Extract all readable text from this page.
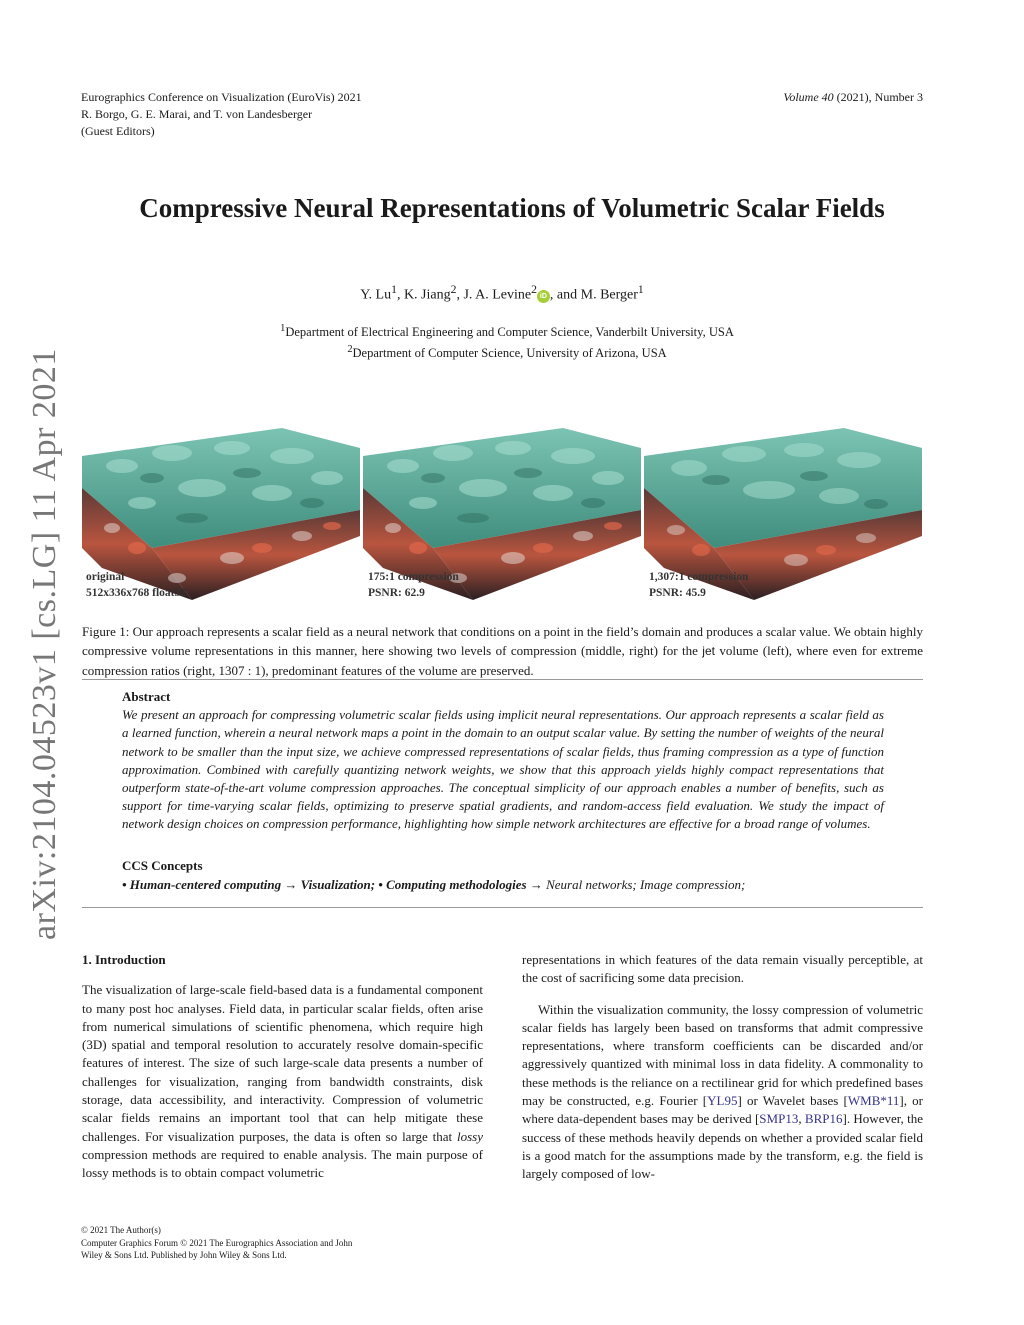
Eurographics Conference on Visualization (EuroVis) 2021
R. Borgo, G. E. Marai, and T. von Landesberger
(Guest Editors)
Volume 40 (2021), Number 3
arXiv:2104.04523v1 [cs.LG] 11 Apr 2021
Compressive Neural Representations of Volumetric Scalar Fields
Y. Lu$^1$, K. Jiang$^2$, J. A. Levine$^2$iD , and M. Berger$^1$
$^1$Department of Electrical Engineering and Computer Science, Vanderbilt University, USA
$^2$Department of Computer Science, University of Arizona, USA
original
512x336x768 float32
175:1 compression
PSNR: 62.9
1,307:1 compression
PSNR: 45.9
Figure 1: Our approach represents a scalar field as a neural network that conditions on a point in the field’s domain and produces a scalar value. We obtain highly compressive volume representations in this manner, here showing two levels of compression (middle, right) for the jet volume (left), where even for extreme compression ratios (right, 1307 : 1), predominant features of the volume are preserved.
Abstract
We present an approach for compressing volumetric scalar fields using implicit neural representations. Our approach represents a scalar field as a learned function, wherein a neural network maps a point in the domain to an output scalar value. By setting the number of weights of the neural network to be smaller than the input size, we achieve compressed representations of scalar fields, thus framing compression as a type of function approximation. Combined with carefully quantizing network weights, we show that this approach yields highly compact representations that outperform state-of-the-art volume compression approaches. The conceptual simplicity of our approach enables a number of benefits, such as support for time-varying scalar fields, optimizing to preserve spatial gradients, and random-access field evaluation. We study the impact of network design choices on compression performance, highlighting how simple network architectures are effective for a broad range of volumes.
CCS Concepts
• Human-centered computing → Visualization; • Computing methodologies → Neural networks; Image compression;
1. Introduction

The visualization of large-scale field-based data is a fundamental component to many post hoc analyses. Field data, in particular scalar fields, often arise from numerical simulations of scientific phenomena, which require high (3D) spatial and temporal resolution to accurately resolve domain-specific features of interest. The size of such large-scale data presents a number of challenges for visualization, ranging from bandwidth constraints, disk storage, data accessibility, and interactivity. Compression of volumetric scalar fields remains an important tool that can help mitigate these challenges. For visualization purposes, the data is often so large that lossy compression methods are required to enable analysis. The main purpose of lossy methods is to obtain compact volumetric

representations in which features of the data remain visually perceptible, at the cost of sacrificing some data precision.

Within the visualization community, the lossy compression of volumetric scalar fields has largely been based on transforms that admit compressive representations, where transform coefficients can be discarded and/or aggressively quantized with minimal loss in data fidelity. A commonality to these methods is the reliance on a rectilinear grid for which predefined bases may be constructed, e.g. Fourier [YL95] or Wavelet bases [WMB*11], or where data-dependent bases may be derived [SMP13, BRP16]. However, the success of these methods heavily depends on whether a provided scalar field is a good match for the assumptions made by the transform, e.g. the field is largely composed of low-

© 2021 The Author(s)
Computer Graphics Forum © 2021 The Eurographics Association and John
Wiley & Sons Ltd. Published by John Wiley & Sons Ltd.
